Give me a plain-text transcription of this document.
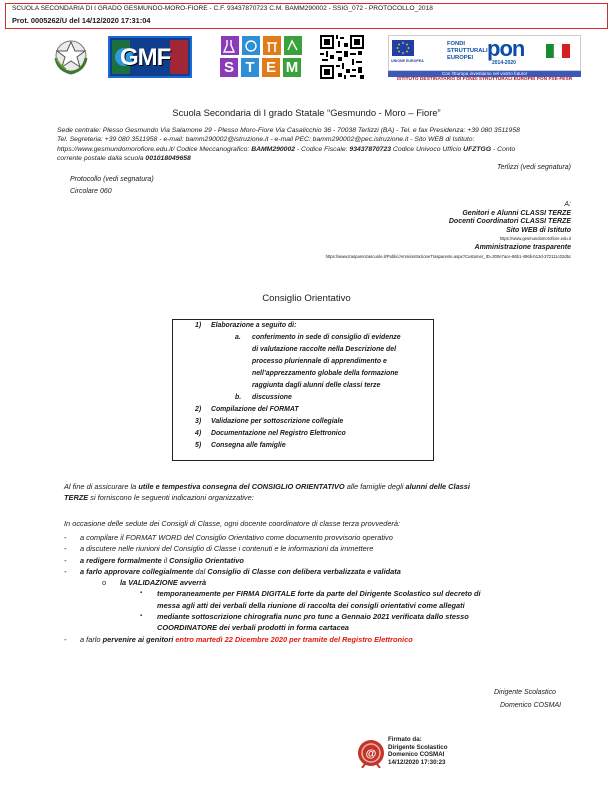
SCUOLA SECONDARIA DI I GRADO GESMUNDO-MORO-FIORE - C.F. 93437870723 C.M. BAMM290002 - SSIG_072 - PROTOCOLLO_2018
Prot. 0005262/U del 14/12/2020 17:31:04
GMF	S T E M	UNIONE EUROPEA
FONDI STRUTTURALI EUROPEI pon
2014-2020
Con l'Europa investiamo nel vostro futuro!
ISTITUTO DESTINATARIO DI FONDI STRUTTURALI EUROPEI PON FSE-FESR
Scuola Secondaria di I grado Statale “Gesmundo - Moro – Fiore”
Sede centrale: Plesso Gesmundo Via Salamone 29 - Plesso Moro-Fiore Via Casalicchio 36 - 70038 Terlizzi (BA) - Tel. e fax Presidenza: +39 080 3511958
Tel. Segreteria: +39 080 3511958 - e-mail: bamm290002@istruzione.it - e-mail PEC: bamm290002@pec.istruzione.it - Sito WEB di Istituto:
https://www.gesmundomorofiore.edu.it/ Codice Meccanografico: BAMM290002 - Codice Fiscale: 93437870723 Codice Univoco Ufficio UFZTGG - Conto
corrente postale dalla scuola 001018049658
Terlizzi (vedi segnatura)
Protocollo (vedi segnatura)
Circolare 060
A:
Genitori e Alunni CLASSI TERZE
Docenti Coordinatori CLASSI TERZE
Sito WEB di Istituto
https://www.gesmundomorofiore.edu.it
Amministrazione trasparente
https://www.trasparenzascuole.it/Public/AmministrazioneTrasparente.aspx?Customer_ID=300e7ace-86b1-496b-b13d-372111c02d5c
Consiglio Orientativo
1) Elaborazione a seguito di:
a. conferimento in sede di consiglio di evidenze
di valutazione raccolte nella Descrizione del
processo pluriennale di apprendimento e
nell’apprezzamento globale della formazione
raggiunta dagli alunni delle classi terze
b. discussione
2) Compilazione del FORMAT
3) Validazione per sottoscrizione collegiale
4) Documentazione nel Registro Elettronico
5) Consegna alle famiglie
Al fine di assicurare la utile e tempestiva consegna del CONSIGLIO ORIENTATIVO alle famiglie degli alunni delle Classi
TERZE si forniscono le seguenti indicazioni organizzative:
In occasione delle sedute dei Consigli di Classe, ogni docente coordinatore di classe terza provvederà:
- a compilare il FORMAT WORD del Consiglio Orientativo come documento provvisorio operativo
- a discutere nelle riunioni del Consiglio di Classe i contenuti e le informazioni da immettere
- a redigere formalmente il Consiglio Orientativo
- a farlo approvare collegialmente dal Consiglio di Classe con delibera verbalizzata e validata
o la VALIDAZIONE avverrà
▪ temporaneamente per FIRMA DIGITALE forte da parte del Dirigente Scolastico sul decreto di
messa agli atti dei verbali della riunione di raccolta dei consigli orientativi come allegati
▪ mediante sottoscrizione chirografia nunc pro tunc a Gennaio 2021 verificata dallo stesso
COORDINATORE dei verbali prodotti in forma cartacea
- a farlo pervenire ai genitori entro martedì 22 Dicembre 2020 per tramite del Registro Elettronico
Dirigente Scolastico
Domenico COSMAI
@
Firmato da:
Dirigente Scolastico
Domenico COSMAI
14/12/2020 17:30:23
